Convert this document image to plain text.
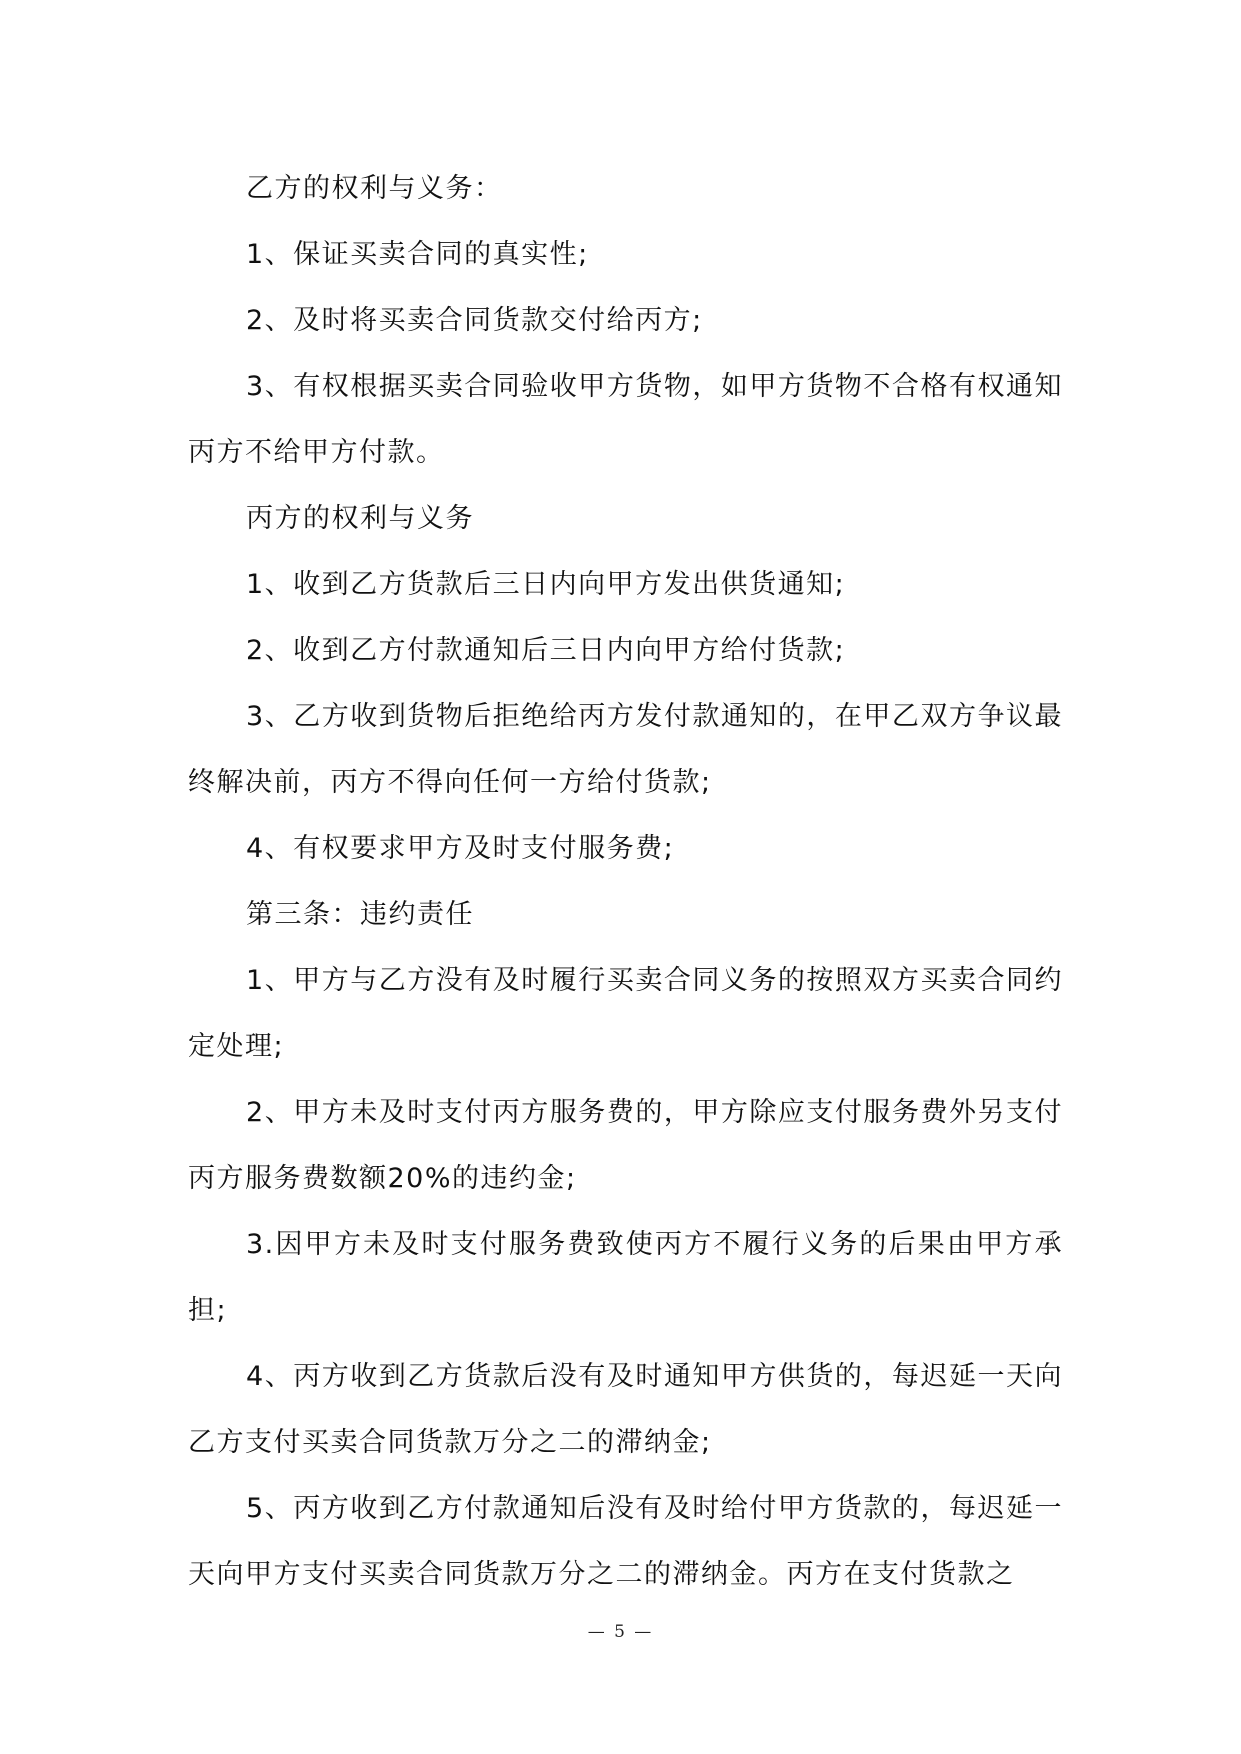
乙方的权利与义务：

1、保证买卖合同的真实性;

2、及时将买卖合同货款交付给丙方;

3、有权根据买卖合同验收甲方货物，如甲方货物不合格有权通知丙方不给甲方付款。

丙方的权利与义务

1、收到乙方货款后三日内向甲方发出供货通知;

2、收到乙方付款通知后三日内向甲方给付货款;

3、乙方收到货物后拒绝给丙方发付款通知的，在甲乙双方争议最终解决前，丙方不得向任何一方给付货款;

4、有权要求甲方及时支付服务费;

第三条：违约责任

1、甲方与乙方没有及时履行买卖合同义务的按照双方买卖合同约定处理;

2、甲方未及时支付丙方服务费的，甲方除应支付服务费外另支付丙方服务费数额20%的违约金;

3.因甲方未及时支付服务费致使丙方不履行义务的后果由甲方承担;

4、丙方收到乙方货款后没有及时通知甲方供货的，每迟延一天向乙方支付买卖合同货款万分之二的滞纳金;

5、丙方收到乙方付款通知后没有及时给付甲方货款的，每迟延一天向甲方支付买卖合同货款万分之二的滞纳金。丙方在支付货款之

— 5 —
